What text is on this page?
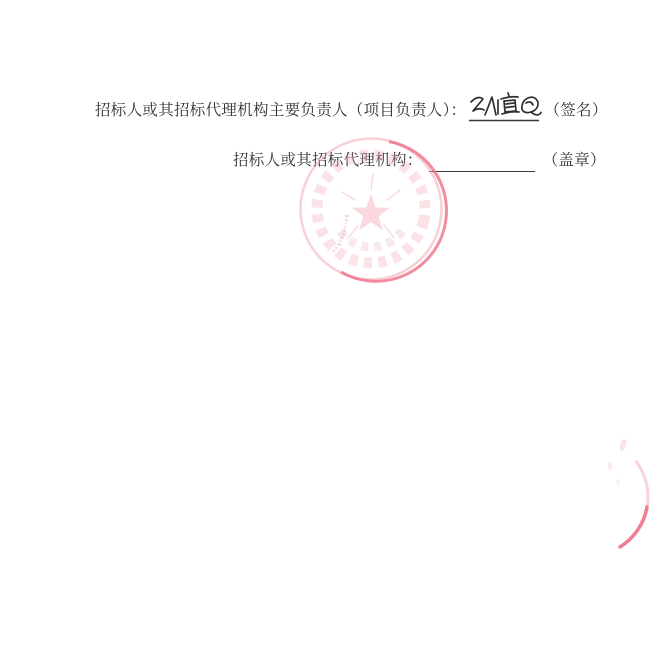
招标人或其招标代理机构主要负责人（项目负责人）：	（签名）
招标人或其招标代理机构：	（盖章）
engineering
